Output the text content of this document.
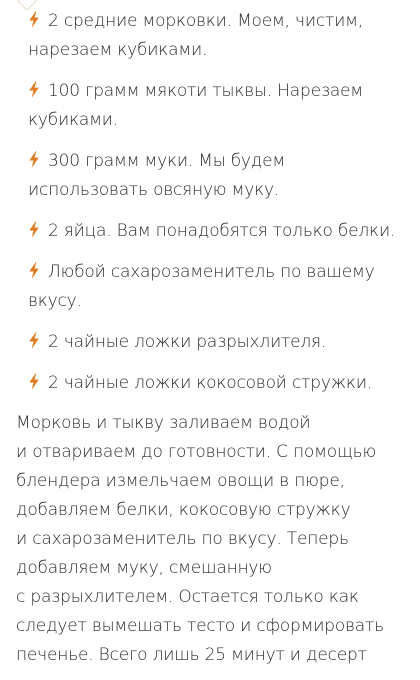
2 средние морковки. Моем, чистим, нарезаем кубиками.
100 грамм мякоти тыквы. Нарезаем кубиками.
300 грамм муки. Мы будем использовать овсяную муку.
2 яйца. Вам понадобятся только белки.
Любой сахарозаменитель по вашему вкусу.
2 чайные ложки разрыхлителя.
2 чайные ложки кокосовой стружки.

Морковь и тыкву заливаем водой
и отвариваем до готовности. С помощью
блендера измельчаем овощи в пюре,
добавляем белки, кокосовую стружку
и сахарозаменитель по вкусу. Теперь
добавляем муку, смешанную
с разрыхлителем. Остается только как
следует вымешать тесто и сформировать
печенье. Всего лишь 25 минут и десерт
